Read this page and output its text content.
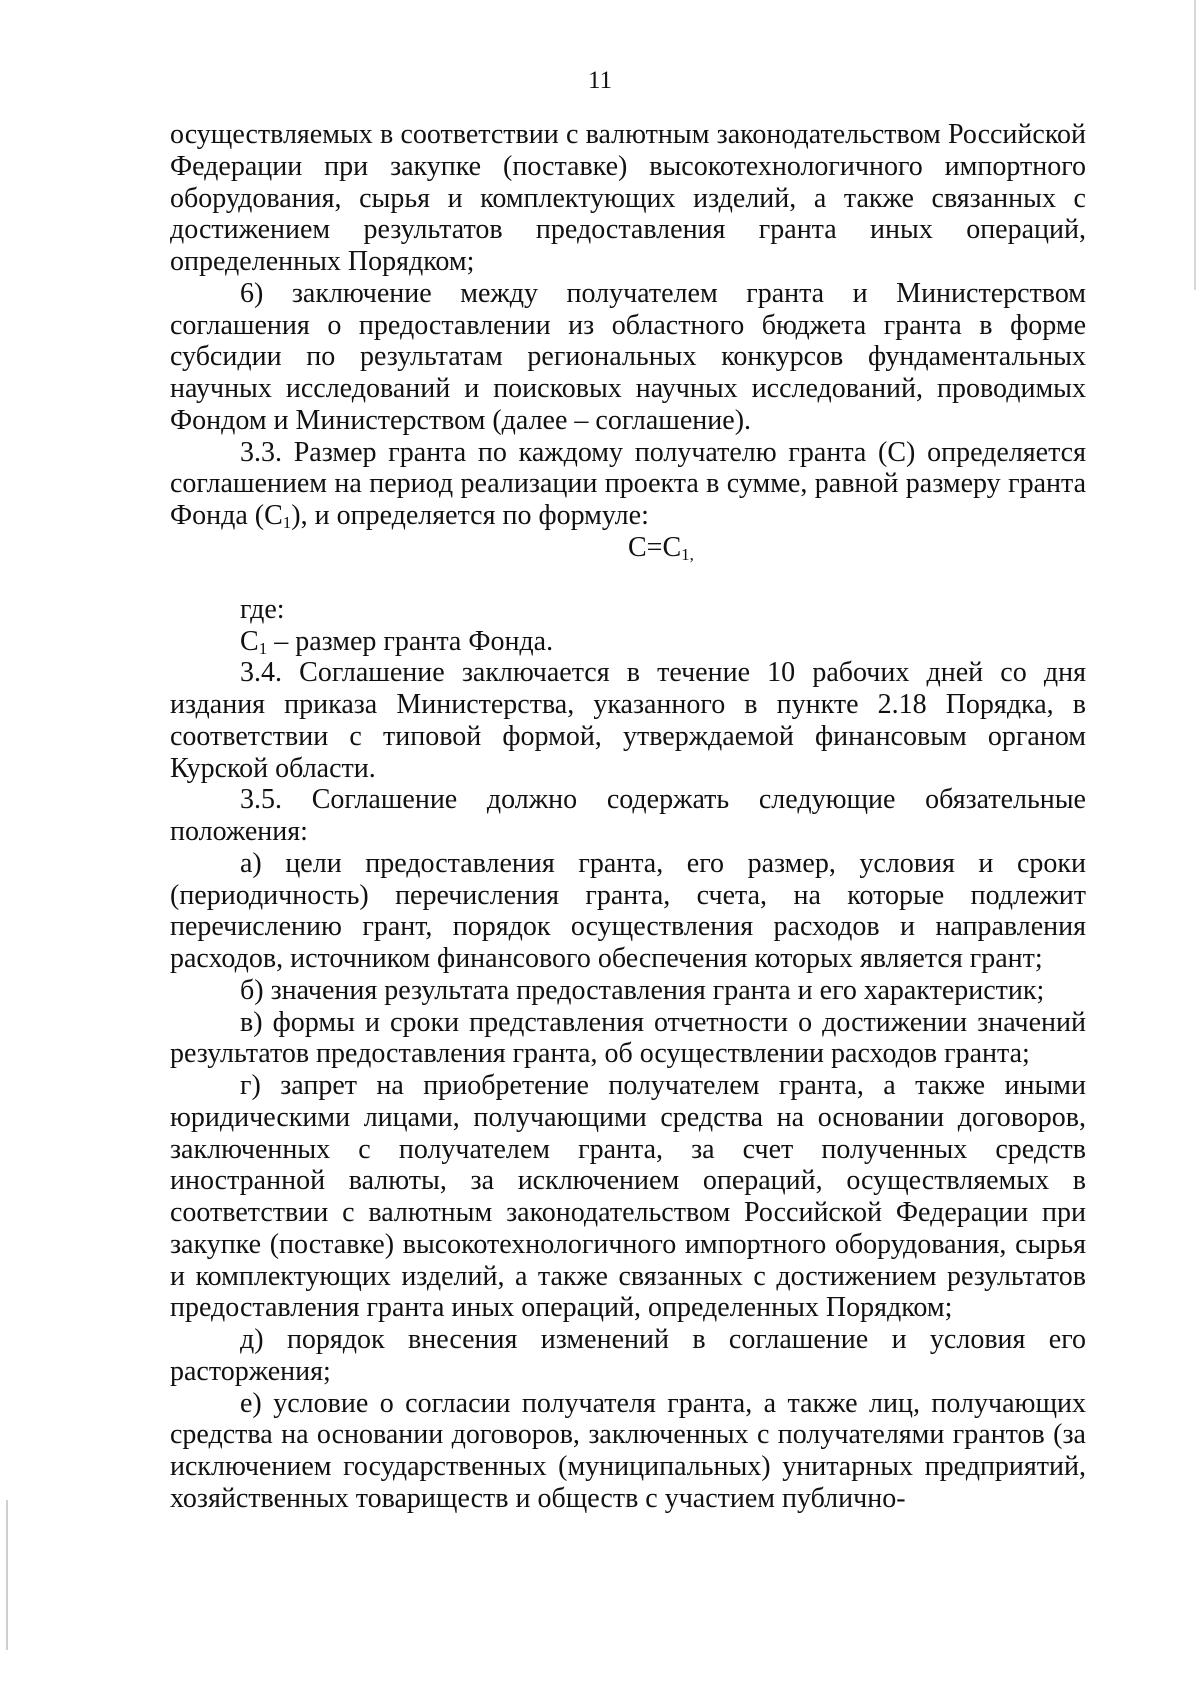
11

осуществляемых в соответствии с валютным законодательством Российской Федерации при закупке (поставке) высокотехнологичного импортного оборудования, сырья и комплектующих изделий, а также связанных с достижением результатов предоставления гранта иных операций, определенных Порядком;

6) заключение между получателем гранта и Министерством соглашения о предоставлении из областного бюджета гранта в форме субсидии по результатам региональных конкурсов фундаментальных научных исследований и поисковых научных исследований, проводимых Фондом и Министерством (далее – соглашение).

3.3. Размер гранта по каждому получателю гранта (С) определяется соглашением на период реализации проекта в сумме, равной размеру гранта Фонда $(С_1)$, и определяется по формуле:

$С=С_{1,}$

где:

$С_1$ – размер гранта Фонда.

3.4. Соглашение заключается в течение 10 рабочих дней со дня издания приказа Министерства, указанного в пункте 2.18 Порядка, в соответствии с типовой формой, утверждаемой финансовым органом Курской области.

3.5. Соглашение должно содержать следующие обязательные положения:

а) цели предоставления гранта, его размер, условия и сроки (периодичность) перечисления гранта, счета, на которые подлежит перечислению грант, порядок осуществления расходов и направления расходов, источником финансового обеспечения которых является грант;

б) значения результата предоставления гранта и его характеристик;

в) формы и сроки представления отчетности о достижении значений результатов предоставления гранта, об осуществлении расходов гранта;

г) запрет на приобретение получателем гранта, а также иными юридическими лицами, получающими средства на основании договоров, заключенных с получателем гранта, за счет полученных средств иностранной валюты, за исключением операций, осуществляемых в соответствии с валютным законодательством Российской Федерации при закупке (поставке) высокотехнологичного импортного оборудования, сырья и комплектующих изделий, а также связанных с достижением результатов предоставления гранта иных операций, определенных Порядком;

д) порядок внесения изменений в соглашение и условия его расторжения;

е) условие о согласии получателя гранта, а также лиц, получающих средства на основании договоров, заключенных с получателями грантов (за исключением государственных (муниципальных) унитарных предприятий, хозяйственных товариществ и обществ с участием публично-
